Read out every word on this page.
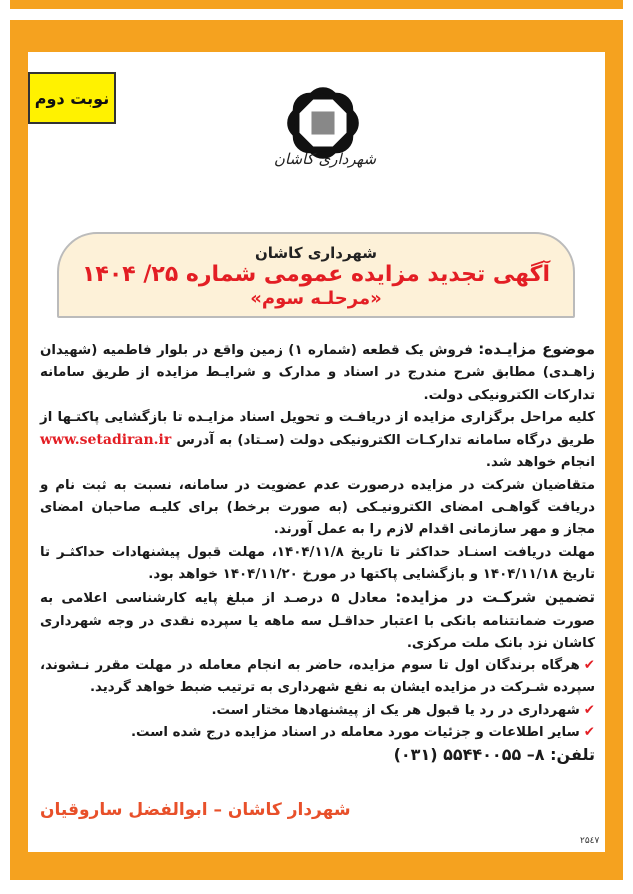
نوبت دوم
شهرداری کاشان
شهرداری کاشان
آگهی تجدید مزایده عمومی شماره ۲۵/ ۱۴۰۴
«مرحلـه سوم»

موضوع مزایـده: فروش یک قطعه (شماره ۱) زمین واقع در بلوار فاطمیه (شهیدان زاهـدی) مطابق شرح مندرج در اسناد و مدارک و شرایـط مزایده از طریق سامانه تدارکات الکترونیکی دولت.

کلیه مراحل برگزاری مزایده از دریافـت و تحویل اسناد مزایـده تا بازگشایی پاکتـها از طریق درگاه سامانه تدارکـات الکترونیکی دولت (سـتاد) به آدرس www.setadiran.ir انجام خواهد شد.

متقاضیان شرکت در مزایده درصورت عدم عضویت در سامانه، نسبت به ثبت نام و دریافت گواهـی امضای الکترونیـکی (به صورت برخط) برای کلیـه صاحبان امضای مجاز و مهر سازمانی اقدام لازم را به عمل آورند.

مهلت دریافت اسنـاد حداکثر تا تاریخ ۱۴۰۴/۱۱/۸، مهلت قبول پیشنهادات حداکثـر تا تاریخ ۱۴۰۴/۱۱/۱۸ و بازگشایی پاکتها در مورخ ۱۴۰۴/۱۱/۲۰ خواهد بود.

تضمین شرکـت در مزایده: معادل ۵ درصـد از مبلغ پایه کارشناسی اعلامی به صورت ضمانتنامه بانکی با اعتبار حداقـل سه ماهه یا سپرده نقدی در وجه شهرداری کاشان نزد بانک ملت مرکزی.

✔هرگاه برندگان اول تا سوم مزایده، حاضر به انجام معامله در مهلت مقرر نـشوند، سپرده شـرکت در مزایده ایشان به نفع شهرداری به ترتیب ضبط خواهد گردید.

✔شهرداری در رد یا قبول هر یک از پیشنهادها مختار است.

✔سایر اطلاعات و جزئیات مورد معامله در اسناد مزایده درج شده است.

تلفن: ۸– ۵۵۴۴۰۰۵۵ (۰۳۱)

شهردار کاشان – ابوالفضل ساروقیان
۲۵٤۷
